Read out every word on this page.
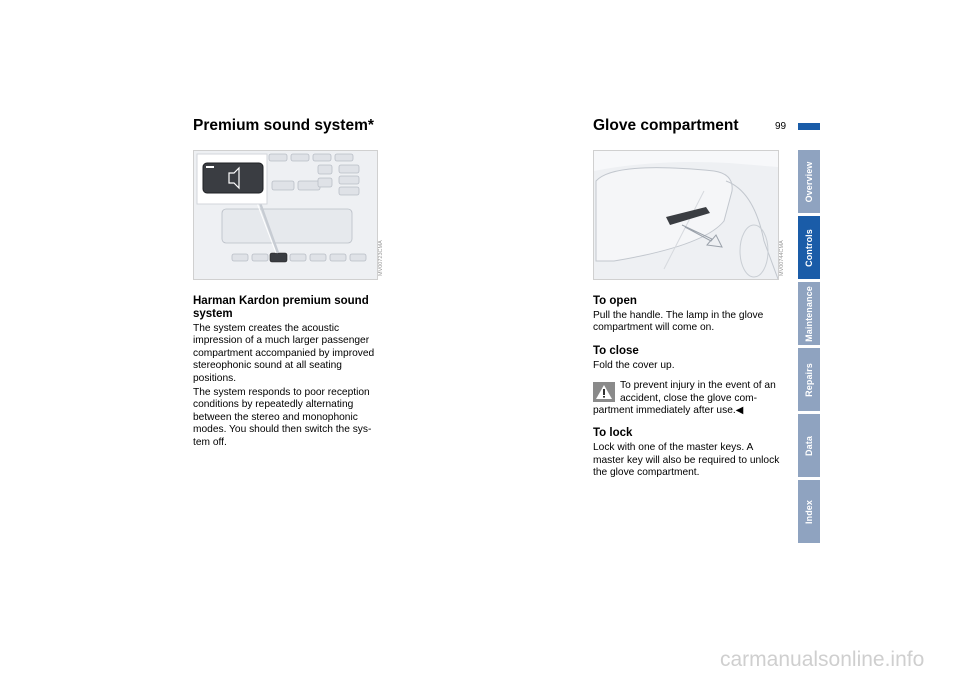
Premium sound system*
MV00723CMA

Harman Kardon premium sound system

The system creates the acoustic impression of a much larger passenger compartment accompanied by improved stereophonic sound at all seating positions.

The system responds to poor reception conditions by repeatedly alternating between the stereo and monophonic modes. You should then switch the sys-tem off.

Glove compartment	99
MV00744CMA

To open

Pull the handle. The lamp in the glove compartment will come on.

To close

Fold the cover up.

To prevent injury in the event of an accident, close the glove com-partment immediately after use.◀

To lock

Lock with one of the master keys. A master key will also be required to unlock the glove compartment.

Overview
Controls
Maintenance
Repairs
Data
Index
carmanualsonline.info
